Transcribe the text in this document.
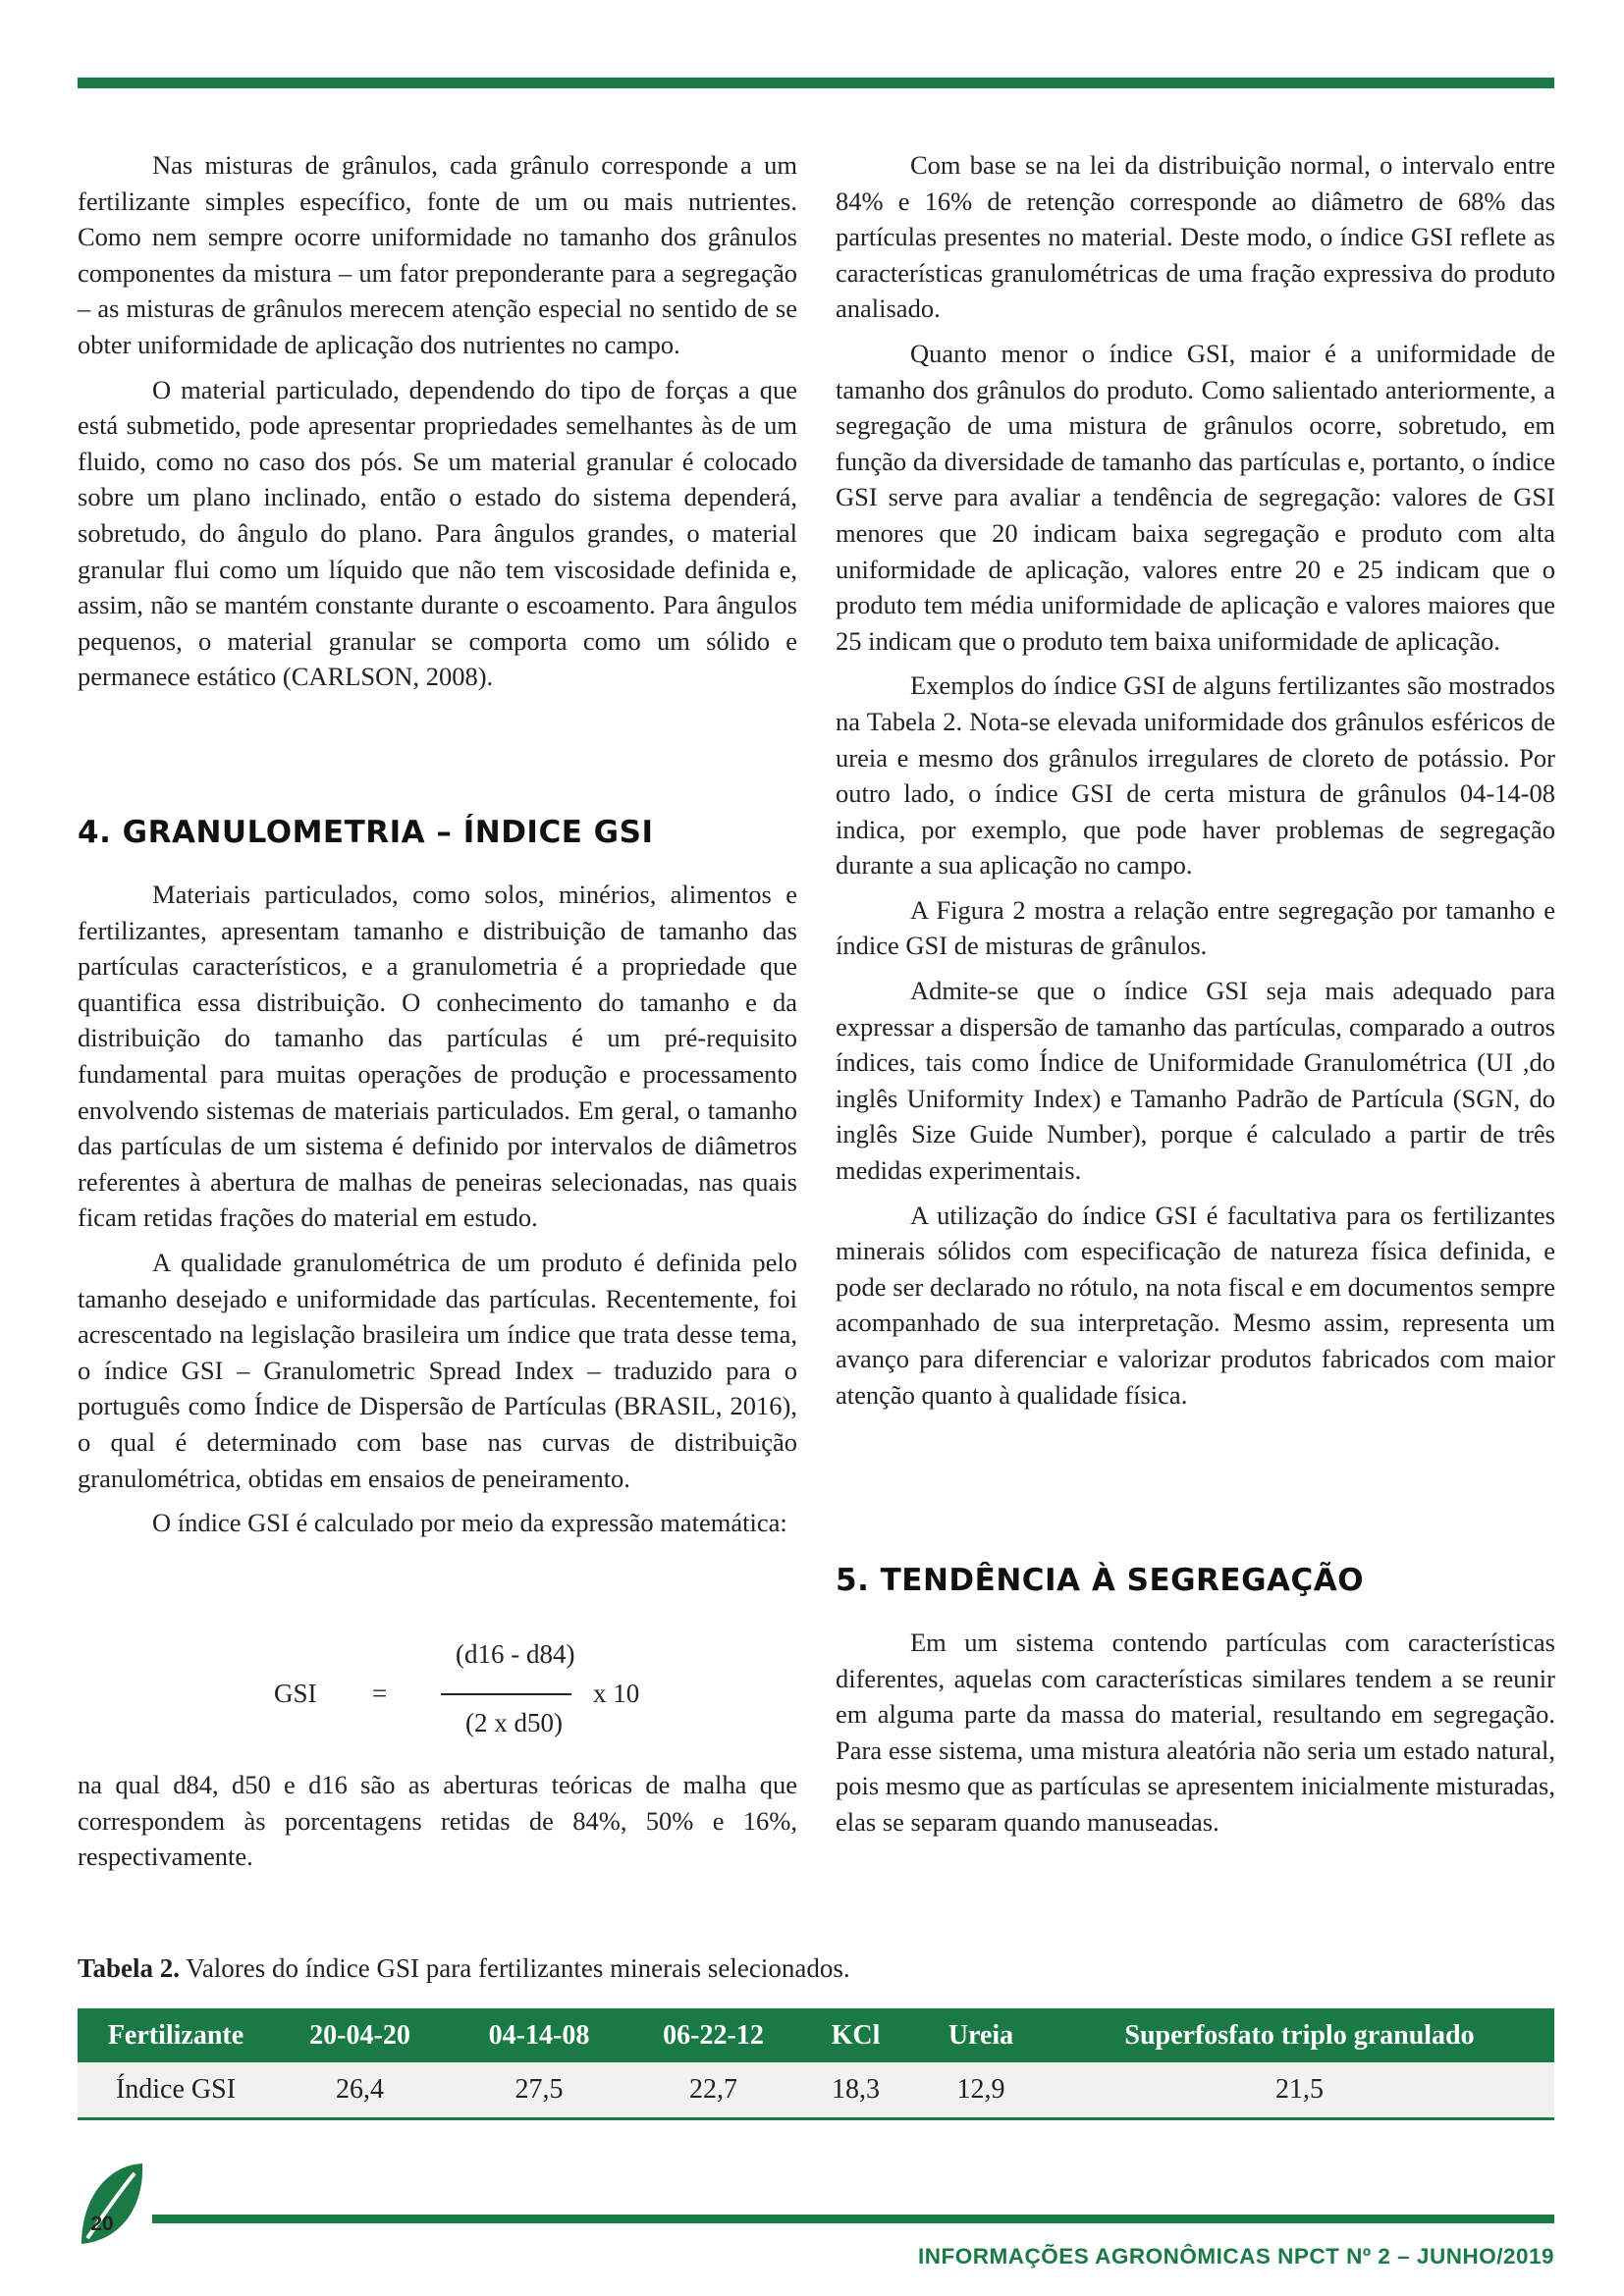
Nas misturas de grânulos, cada grânulo corresponde a um fertilizante simples específico, fonte de um ou mais nutrientes. Como nem sempre ocorre uniformidade no tamanho dos grânulos componentes da mistura – um fator preponderante para a segregação – as misturas de grânulos merecem atenção especial no sentido de se obter uniformidade de aplicação dos nutrientes no campo.

O material particulado, dependendo do tipo de forças a que está submetido, pode apresentar propriedades semelhantes às de um fluido, como no caso dos pós. Se um material granular é colocado sobre um plano inclinado, então o estado do sistema dependerá, sobretudo, do ângulo do plano. Para ângulos grandes, o material granular flui como um líquido que não tem viscosidade definida e, assim, não se mantém constante durante o escoamento. Para ângulos pequenos, o material granular se comporta como um sólido e permanece estático (CARLSON, 2008).

4. GRANULOMETRIA – ÍNDICE GSI

Materiais particulados, como solos, minérios, alimentos e fertilizantes, apresentam tamanho e distribuição de tamanho das partículas característicos, e a granulometria é a propriedade que quantifica essa distribuição. O conhecimento do tamanho e da distribuição do tamanho das partículas é um pré-requisito fundamental para muitas operações de produção e processamento envolvendo sistemas de materiais particulados. Em geral, o tamanho das partículas de um sistema é definido por intervalos de diâmetros referentes à abertura de malhas de peneiras selecionadas, nas quais ficam retidas frações do material em estudo.

A qualidade granulométrica de um produto é definida pelo tamanho desejado e uniformidade das partículas. Recentemente, foi acrescentado na legislação brasileira um índice que trata desse tema, o índice GSI – Granulometric Spread Index – traduzido para o português como Índice de Dispersão de Partículas (BRASIL, 2016), o qual é determinado com base nas curvas de distribuição granulométrica, obtidas em ensaios de peneiramento.

O índice GSI é calculado por meio da expressão matemática:

GSI =
(d16 - d84)
(2 x d50)
x 10

na qual d84, d50 e d16 são as aberturas teóricas de malha que correspondem às porcentagens retidas de 84%, 50% e 16%, respectivamente.

Com base se na lei da distribuição normal, o intervalo entre 84% e 16% de retenção corresponde ao diâmetro de 68% das partículas presentes no material. Deste modo, o índice GSI reflete as características granulométricas de uma fração expressiva do produto analisado.

Quanto menor o índice GSI, maior é a uniformidade de tamanho dos grânulos do produto. Como salientado anteriormente, a segregação de uma mistura de grânulos ocorre, sobretudo, em função da diversidade de tamanho das partículas e, portanto, o índice GSI serve para avaliar a tendência de segregação: valores de GSI menores que 20 indicam baixa segregação e produto com alta uniformidade de aplicação, valores entre 20 e 25 indicam que o produto tem média uniformidade de aplicação e valores maiores que 25 indicam que o produto tem baixa uniformidade de aplicação.

Exemplos do índice GSI de alguns fertilizantes são mostrados na Tabela 2. Nota-se elevada uniformidade dos grânulos esféricos de ureia e mesmo dos grânulos irregulares de cloreto de potássio. Por outro lado, o índice GSI de certa mistura de grânulos 04-14-08 indica, por exemplo, que pode haver problemas de segregação durante a sua aplicação no campo.

A Figura 2 mostra a relação entre segregação por tamanho e índice GSI de misturas de grânulos.

Admite-se que o índice GSI seja mais adequado para expressar a dispersão de tamanho das partículas, comparado a outros índices, tais como Índice de Uniformidade Granulométrica (UI ,do inglês Uniformity Index) e Tamanho Padrão de Partícula (SGN, do inglês Size Guide Number), porque é calculado a partir de três medidas experimentais.

A utilização do índice GSI é facultativa para os fertilizantes minerais sólidos com especificação de natureza física definida, e pode ser declarado no rótulo, na nota fiscal e em documentos sempre acompanhado de sua interpretação. Mesmo assim, representa um avanço para diferenciar e valorizar produtos fabricados com maior atenção quanto à qualidade física.

5. TENDÊNCIA À SEGREGAÇÃO

Em um sistema contendo partículas com características diferentes, aquelas com características similares tendem a se reunir em alguma parte da massa do material, resultando em segregação. Para esse sistema, uma mistura aleatória não seria um estado natural, pois mesmo que as partículas se apresentem inicialmente misturadas, elas se separam quando manuseadas.

Tabela 2. Valores do índice GSI para fertilizantes minerais selecionados.
Fertilizante	20-04-20	04-14-08	06-22-12	KCl	Ureia	Superfosfato triplo granulado
Índice GSI	26,4	27,5	22,7	18,3	12,9	21,5
20
INFORMAÇÕES AGRONÔMICAS NPCT Nº 2 – JUNHO/2019
